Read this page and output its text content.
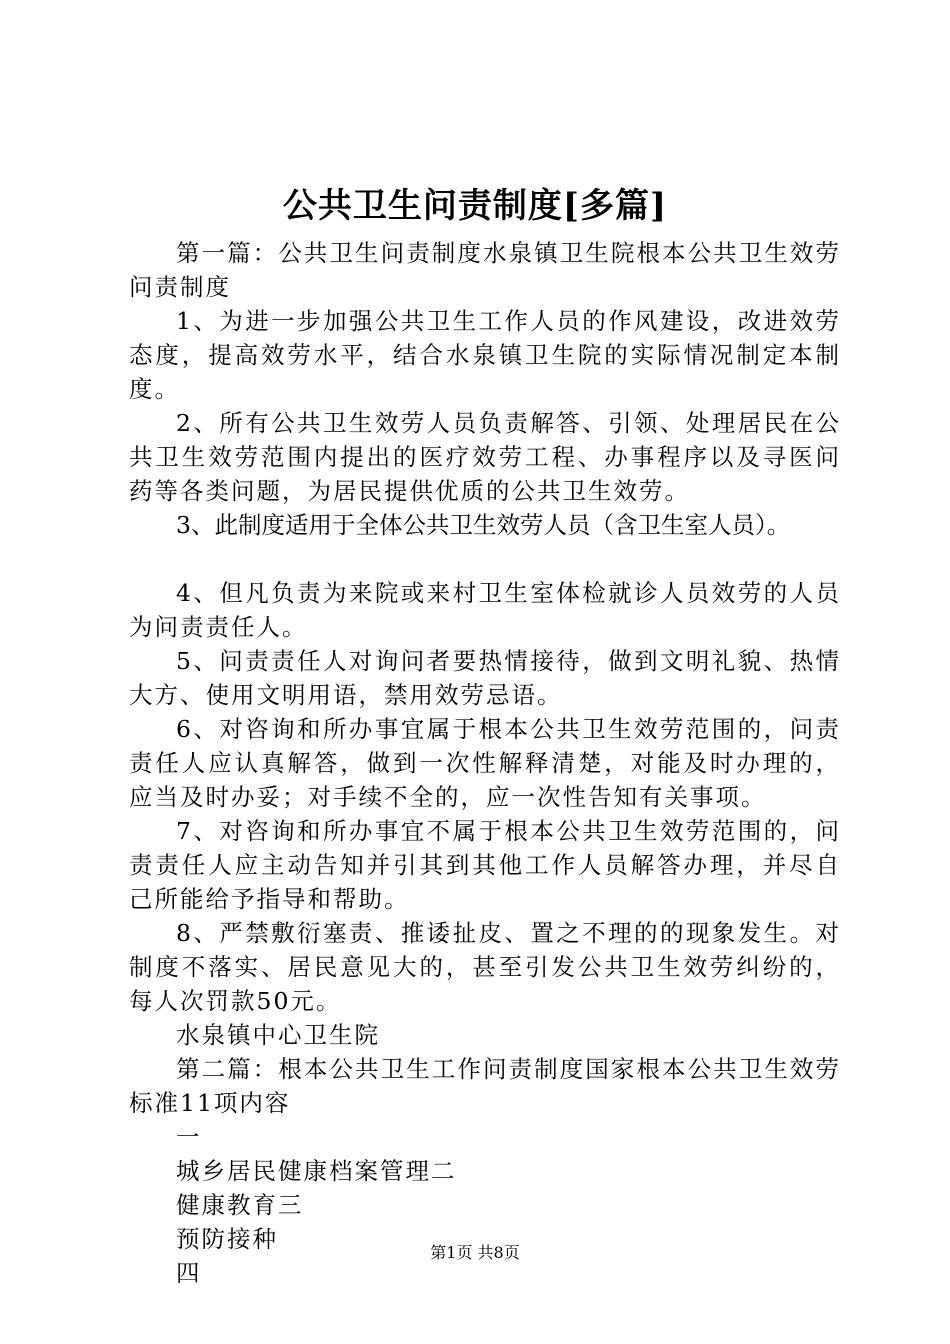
公共卫生问责制度[多篇]

第一篇：公共卫生问责制度水泉镇卫生院根本公共卫生效劳问责制度

1、为进一步加强公共卫生工作人员的作风建设，改进效劳态度，提高效劳水平，结合水泉镇卫生院的实际情况制定本制度。

2、所有公共卫生效劳人员负责解答、引领、处理居民在公共卫生效劳范围内提出的医疗效劳工程、办事程序以及寻医问药等各类问题，为居民提供优质的公共卫生效劳。

3、此制度适用于全体公共卫生效劳人员（含卫生室人员）。

4、但凡负责为来院或来村卫生室体检就诊人员效劳的人员为问责责任人。

5、问责责任人对询问者要热情接待，做到文明礼貌、热情大方、使用文明用语，禁用效劳忌语。

6、对咨询和所办事宜属于根本公共卫生效劳范围的，问责责任人应认真解答，做到一次性解释清楚，对能及时办理的，应当及时办妥；对手续不全的，应一次性告知有关事项。

7、对咨询和所办事宜不属于根本公共卫生效劳范围的，问责责任人应主动告知并引其到其他工作人员解答办理，并尽自己所能给予指导和帮助。

8、严禁敷衍塞责、推诿扯皮、置之不理的的现象发生。对制度不落实、居民意见大的，甚至引发公共卫生效劳纠纷的，每人次罚款50元。

水泉镇中心卫生院

第二篇：根本公共卫生工作问责制度国家根本公共卫生效劳标准11项内容

一

城乡居民健康档案管理二

健康教育三

预防接种

四

第1页 共8页
